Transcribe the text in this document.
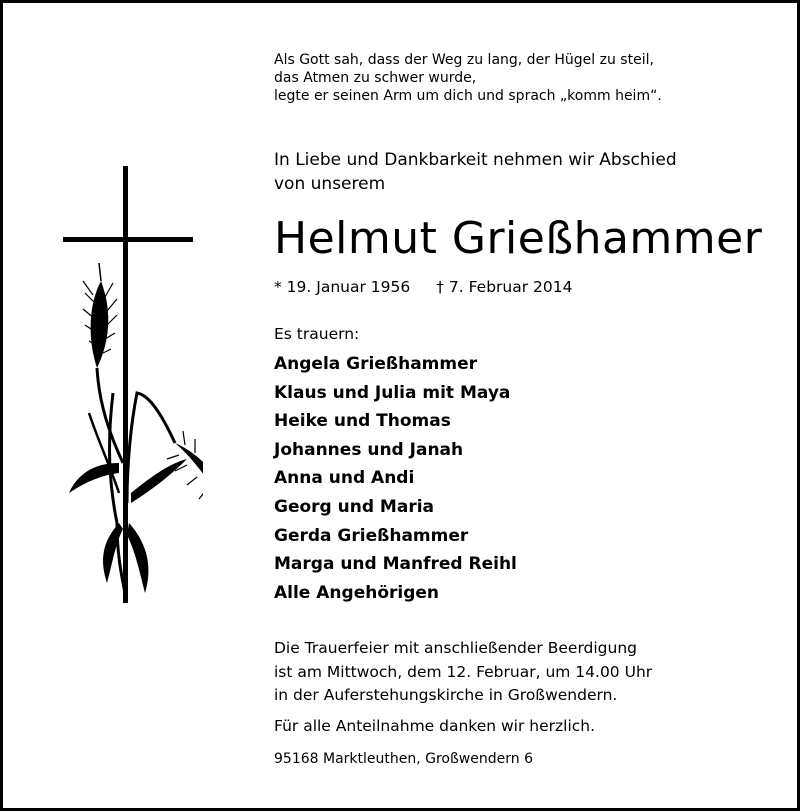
Als Gott sah, dass der Weg zu lang, der Hügel zu steil,
das Atmen zu schwer wurde,
legte er seinen Arm um dich und sprach „komm heim“.
In Liebe und Dankbarkeit nehmen wir Abschied
von unserem
Helmut Grießhammer
* 19. Januar 1956 † 7. Februar 2014
Es trauern:
Angela Grießhammer
Klaus und Julia mit Maya
Heike und Thomas
Johannes und Janah
Anna und Andi
Georg und Maria
Gerda Grießhammer
Marga und Manfred Reihl
Alle Angehörigen
Die Trauerfeier mit anschließender Beerdigung
ist am Mittwoch, dem 12. Februar, um 14.00 Uhr
in der Auferstehungskirche in Großwendern.
Für alle Anteilnahme danken wir herzlich.
95168 Marktleuthen, Großwendern 6
